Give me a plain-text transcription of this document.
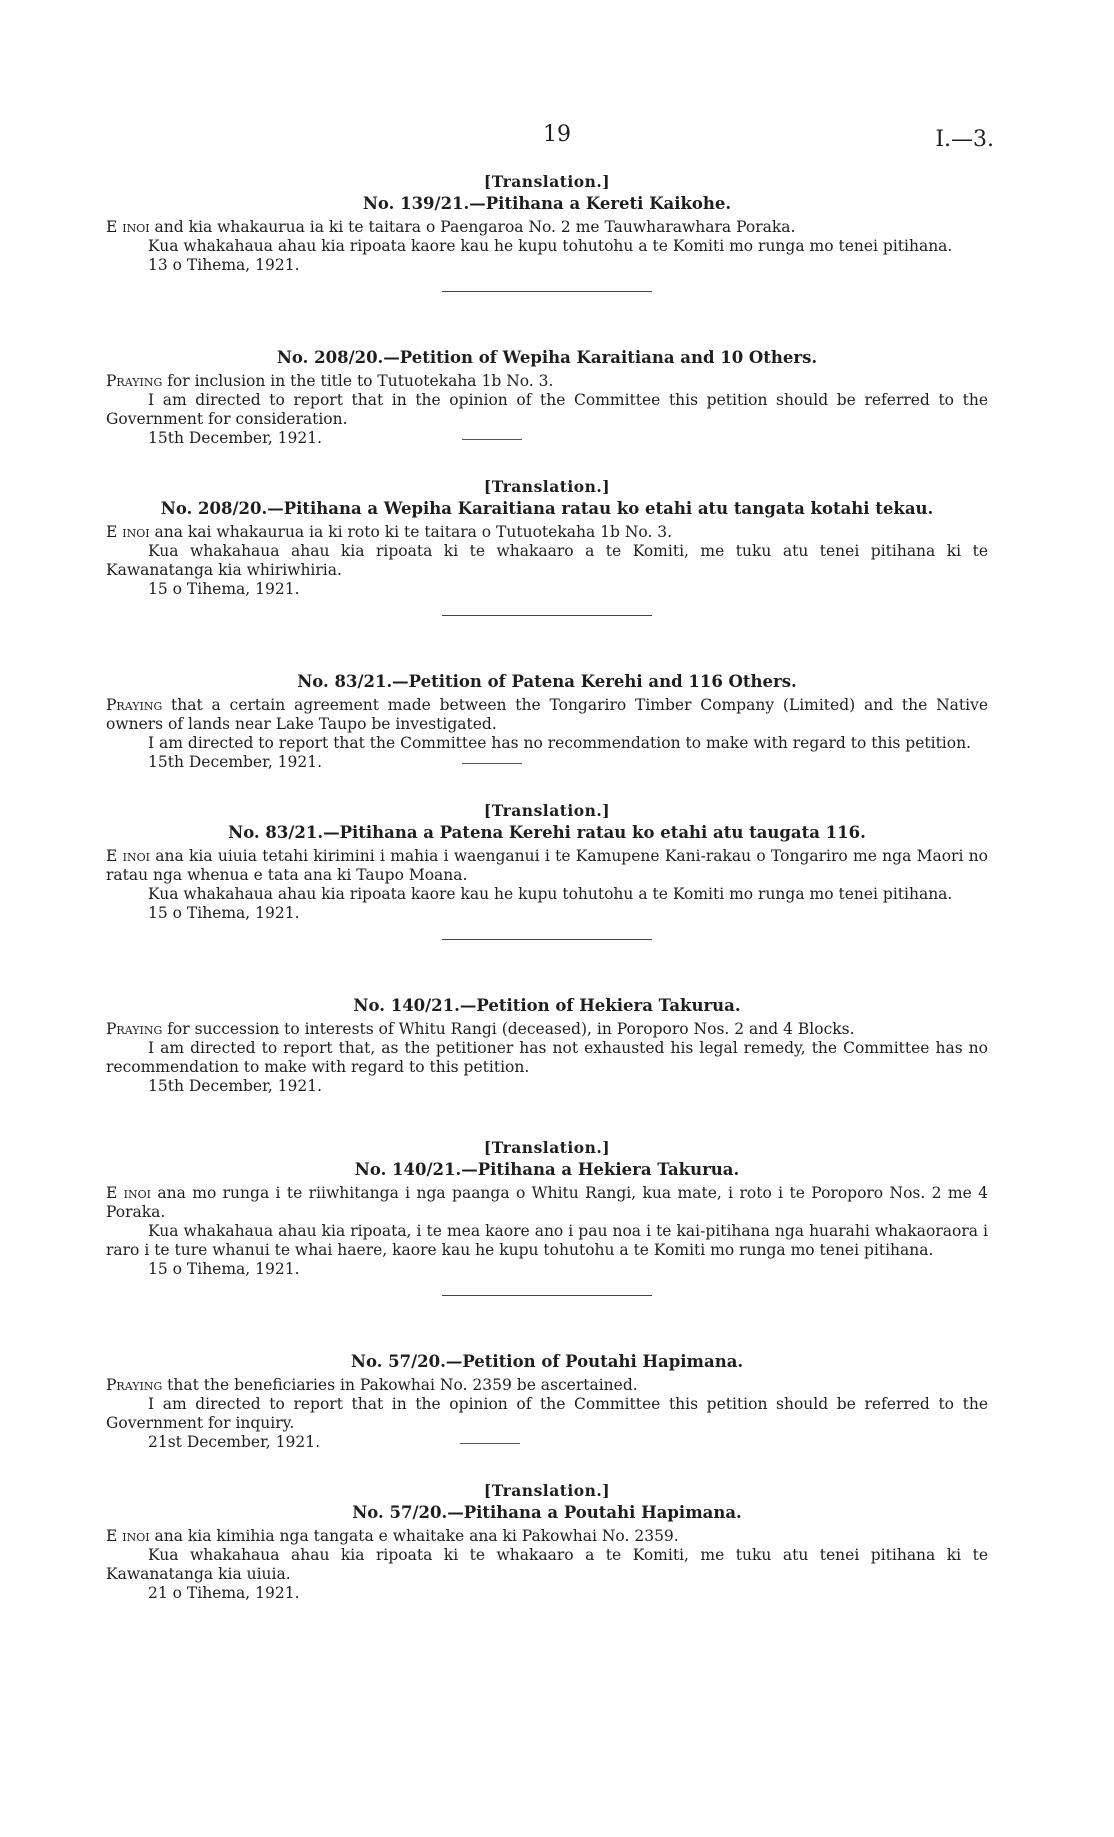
19	I.—3.
[Translation.]
No. 139/21.—Pitihana a Kereti Kaikohe.

E inoi and kia whakaurua ia ki te taitara o Paengaroa No. 2 me Tauwharawhara Poraka.

Kua whakahaua ahau kia ripoata kaore kau he kupu tohutohu a te Komiti mo runga mo tenei pitihana.

13 o Tihema, 1921.

No. 208/20.—Petition of Wepiha Karaitiana and 10 Others.

Praying for inclusion in the title to Tutuotekaha 1b No. 3.

I am directed to report that in the opinion of the Committee this petition should be referred to the Government for consideration.

15th December, 1921.

[Translation.]
No. 208/20.—Pitihana a Wepiha Karaitiana ratau ko etahi atu tangata kotahi tekau.

E inoi ana kai whakaurua ia ki roto ki te taitara o Tutuotekaha 1b No. 3.

Kua whakahaua ahau kia ripoata ki te whakaaro a te Komiti, me tuku atu tenei pitihana ki te Kawanatanga kia whiriwhiria.

15 o Tihema, 1921.

No. 83/21.—Petition of Patena Kerehi and 116 Others.

Praying that a certain agreement made between the Tongariro Timber Company (Limited) and the Native owners of lands near Lake Taupo be investigated.

I am directed to report that the Committee has no recommendation to make with regard to this petition.

15th December, 1921.

[Translation.]
No. 83/21.—Pitihana a Patena Kerehi ratau ko etahi atu taugata 116.

E inoi ana kia uiuia tetahi kirimini i mahia i waenganui i te Kamupene Kani-rakau o Tongariro me nga Maori no ratau nga whenua e tata ana ki Taupo Moana.

Kua whakahaua ahau kia ripoata kaore kau he kupu tohutohu a te Komiti mo runga mo tenei pitihana.

15 o Tihema, 1921.

No. 140/21.—Petition of Hekiera Takurua.

Praying for succession to interests of Whitu Rangi (deceased), in Poroporo Nos. 2 and 4 Blocks.

I am directed to report that, as the petitioner has not exhausted his legal remedy, the Committee has no recommendation to make with regard to this petition.

15th December, 1921.

[Translation.]
No. 140/21.—Pitihana a Hekiera Takurua.

E inoi ana mo runga i te riiwhitanga i nga paanga o Whitu Rangi, kua mate, i roto i te Poroporo Nos. 2 me 4 Poraka.

Kua whakahaua ahau kia ripoata, i te mea kaore ano i pau noa i te kai-pitihana nga huarahi whakaoraora i raro i te ture whanui te whai haere, kaore kau he kupu tohutohu a te Komiti mo runga mo tenei pitihana.

15 o Tihema, 1921.

No. 57/20.—Petition of Poutahi Hapimana.

Praying that the beneficiaries in Pakowhai No. 2359 be ascertained.

I am directed to report that in the opinion of the Committee this petition should be referred to the Government for inquiry.

21st December, 1921.

[Translation.]
No. 57/20.—Pitihana a Poutahi Hapimana.

E inoi ana kia kimihia nga tangata e whaitake ana ki Pakowhai No. 2359.

Kua whakahaua ahau kia ripoata ki te whakaaro a te Komiti, me tuku atu tenei pitihana ki te Kawanatanga kia uiuia.

21 o Tihema, 1921.
